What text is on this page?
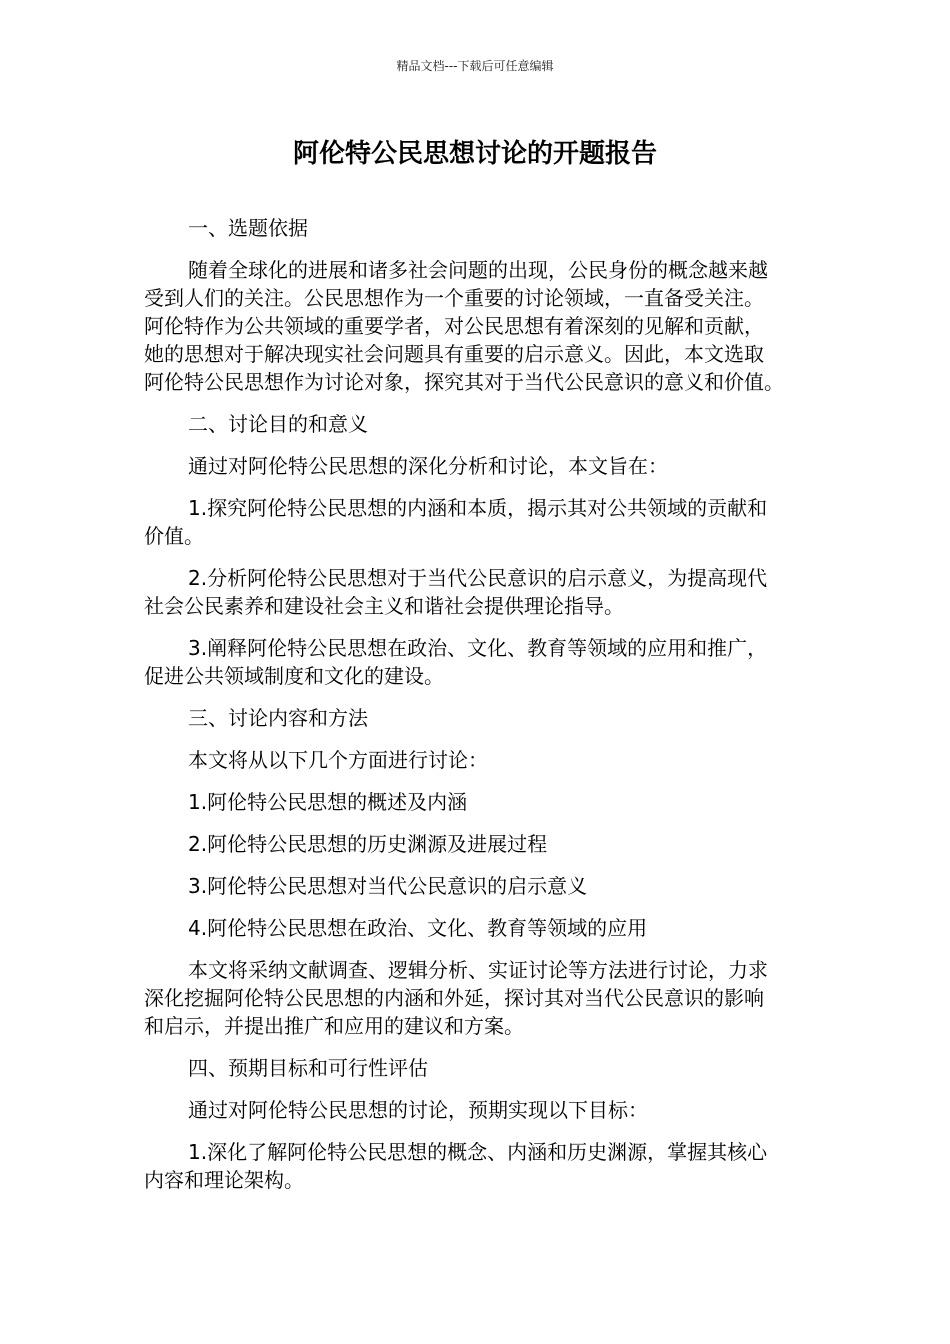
精品文档---下载后可任意编辑
阿伦特公民思想讨论的开题报告

一、选题依据

随着全球化的进展和诸多社会问题的出现，公民身份的概念越来越
受到人们的关注。公民思想作为一个重要的讨论领域，一直备受关注。
阿伦特作为公共领域的重要学者，对公民思想有着深刻的见解和贡献，
她的思想对于解决现实社会问题具有重要的启示意义。因此，本文选取
阿伦特公民思想作为讨论对象，探究其对于当代公民意识的意义和价值。

二、讨论目的和意义

通过对阿伦特公民思想的深化分析和讨论，本文旨在：

1.探究阿伦特公民思想的内涵和本质，揭示其对公共领域的贡献和
价值。

2.分析阿伦特公民思想对于当代公民意识的启示意义，为提高现代
社会公民素养和建设社会主义和谐社会提供理论指导。

3.阐释阿伦特公民思想在政治、文化、教育等领域的应用和推广，
促进公共领域制度和文化的建设。

三、讨论内容和方法

本文将从以下几个方面进行讨论：

1.阿伦特公民思想的概述及内涵

2.阿伦特公民思想的历史渊源及进展过程

3.阿伦特公民思想对当代公民意识的启示意义

4.阿伦特公民思想在政治、文化、教育等领域的应用

本文将采纳文献调查、逻辑分析、实证讨论等方法进行讨论，力求
深化挖掘阿伦特公民思想的内涵和外延，探讨其对当代公民意识的影响
和启示，并提出推广和应用的建议和方案。

四、预期目标和可行性评估

通过对阿伦特公民思想的讨论，预期实现以下目标：

1.深化了解阿伦特公民思想的概念、内涵和历史渊源，掌握其核心
内容和理论架构。
